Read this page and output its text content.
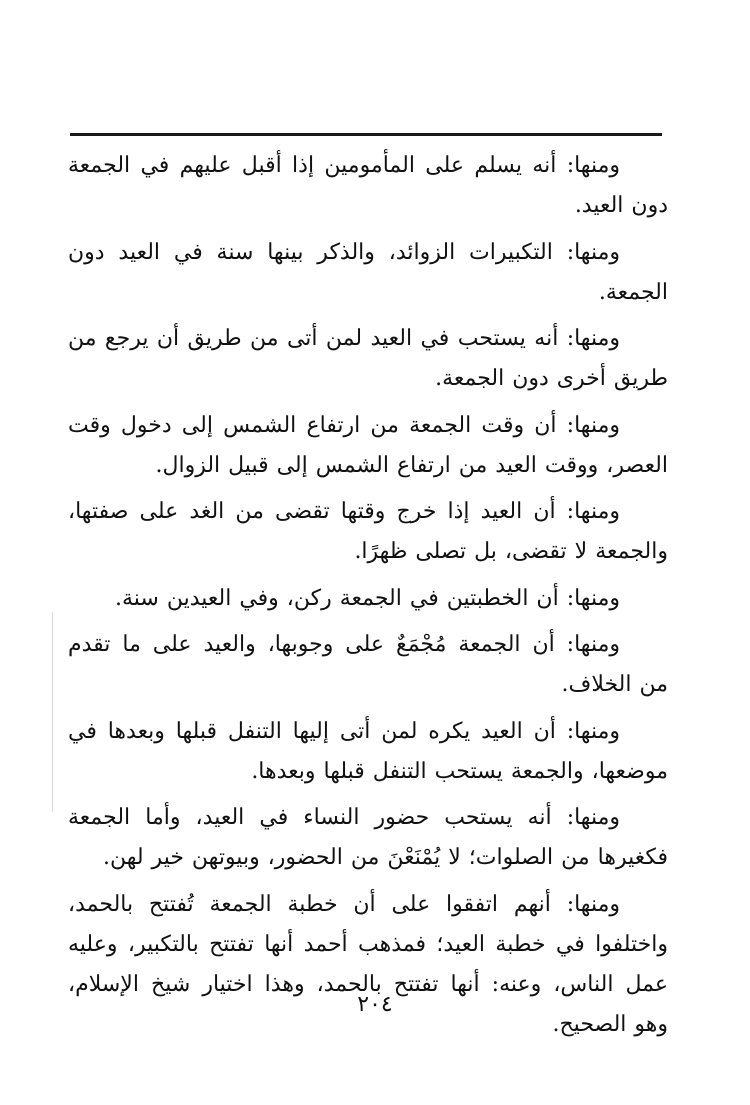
ومنها: أنه يسلم على المأمومين إذا أقبل عليهم في الجمعة دون العيد.

ومنها: التكبيرات الزوائد، والذكر بينها سنة في العيد دون الجمعة.

ومنها: أنه يستحب في العيد لمن أتى من طريق أن يرجع من طريق أخرى دون الجمعة.

ومنها: أن وقت الجمعة من ارتفاع الشمس إلى دخول وقت العصر، ووقت العيد من ارتفاع الشمس إلى قبيل الزوال.

ومنها: أن العيد إذا خرج وقتها تقضى من الغد على صفتها، والجمعة لا تقضى، بل تصلى ظهرًا.

ومنها: أن الخطبتين في الجمعة ركن، وفي العيدين سنة.

ومنها: أن الجمعة مُجْمَعٌ على وجوبها، والعيد على ما تقدم من الخلاف.

ومنها: أن العيد يكره لمن أتى إليها التنفل قبلها وبعدها في موضعها، والجمعة يستحب التنفل قبلها وبعدها.

ومنها: أنه يستحب حضور النساء في العيد، وأما الجمعة فكغيرها من الصلوات؛ لا يُمْنَعْنَ من الحضور، وبيوتهن خير لهن.

ومنها: أنهم اتفقوا على أن خطبة الجمعة تُفتتح بالحمد، واختلفوا في خطبة العيد؛ فمذهب أحمد أنها تفتتح بالتكبير، وعليه عمل الناس، وعنه: أنها تفتتح بالحمد، وهذا اختيار شيخ الإسلام، وهو الصحيح.

٢٠٤
